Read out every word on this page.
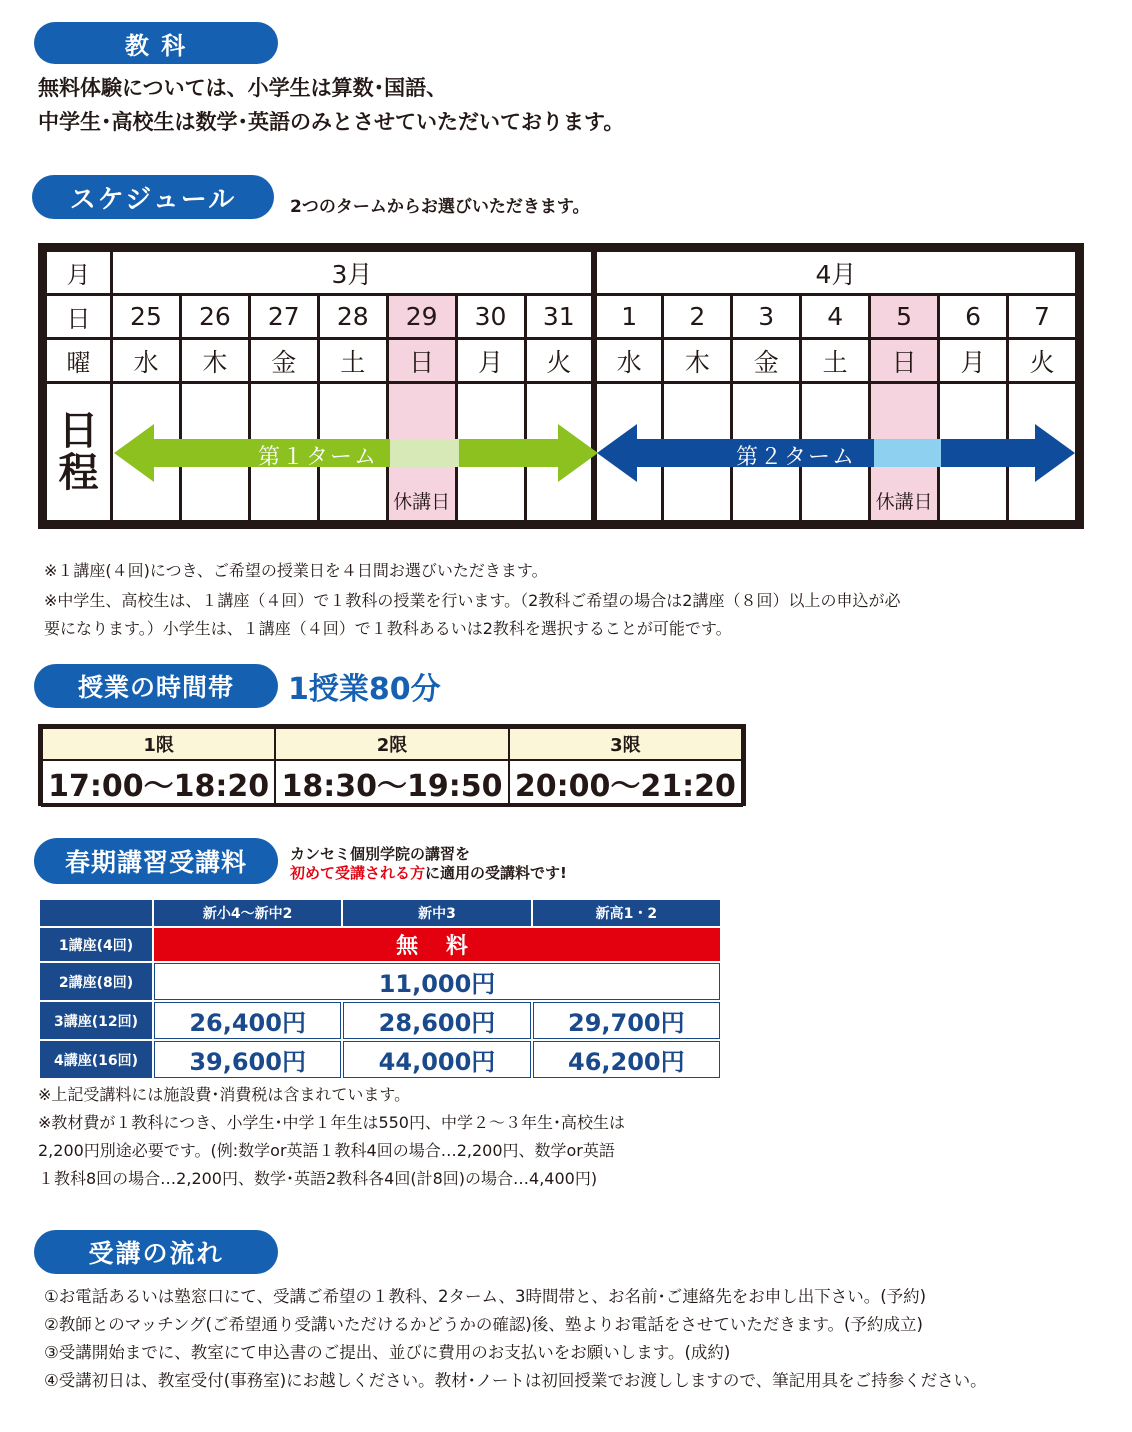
教 科
無料体験については、小学生は算数･国語、
中学生･高校生は数学･英語のみとさせていただいております。
スケジュール	2つのタームからお選びいただきます。
月	3月							4月						
日	25	26	27	28	29	30	31	1	2	3	4	5	6	7
曜	水	木	金	土	日	月	火	水	木	金	土	日	月	火

日程					休講日							休講日		

第１ターム	第２ターム
※１講座(４回)につき、ご希望の授業日を４日間お選びいただきます。
※中学生、高校生は、１講座（４回）で１教科の授業を行います。（2教科ご希望の場合は2講座（８回）以上の申込が必
要になります。）小学生は、１講座（４回）で１教科あるいは2教科を選択することが可能です。
授業の時間帯	1授業80分
1限	2限	3限
17:00～18:20	18:30～19:50	20:00～21:20
春期講習受講料	カンセミ個別学院の講習を
初めて受講される方に適用の受講料です!
	新小4～新中2	新中3	新高1・2
1講座(4回)	無 料		
2講座(8回)	11,000円		
3講座(12回)	26,400円	28,600円	29,700円
4講座(16回)	39,600円	44,000円	46,200円
※上記受講料には施設費･消費税は含まれています。
※教材費が１教科につき、小学生･中学１年生は550円、中学２～３年生･高校生は
2,200円別途必要です。(例:数学or英語１教科4回の場合…2,200円、数学or英語
１教科8回の場合…2,200円、数学･英語2教科各4回(計8回)の場合…4,400円)
受講の流れ
①お電話あるいは塾窓口にて、受講ご希望の１教科、2ターム、3時間帯と、お名前･ご連絡先をお申し出下さい。(予約)
②教師とのマッチング(ご希望通り受講いただけるかどうかの確認)後、塾よりお電話をさせていただきます。(予約成立)
③受講開始までに、教室にて申込書のご提出、並びに費用のお支払いをお願いします。(成約)
④受講初日は、教室受付(事務室)にお越しください。教材･ノートは初回授業でお渡ししますので、筆記用具をご持参ください。
